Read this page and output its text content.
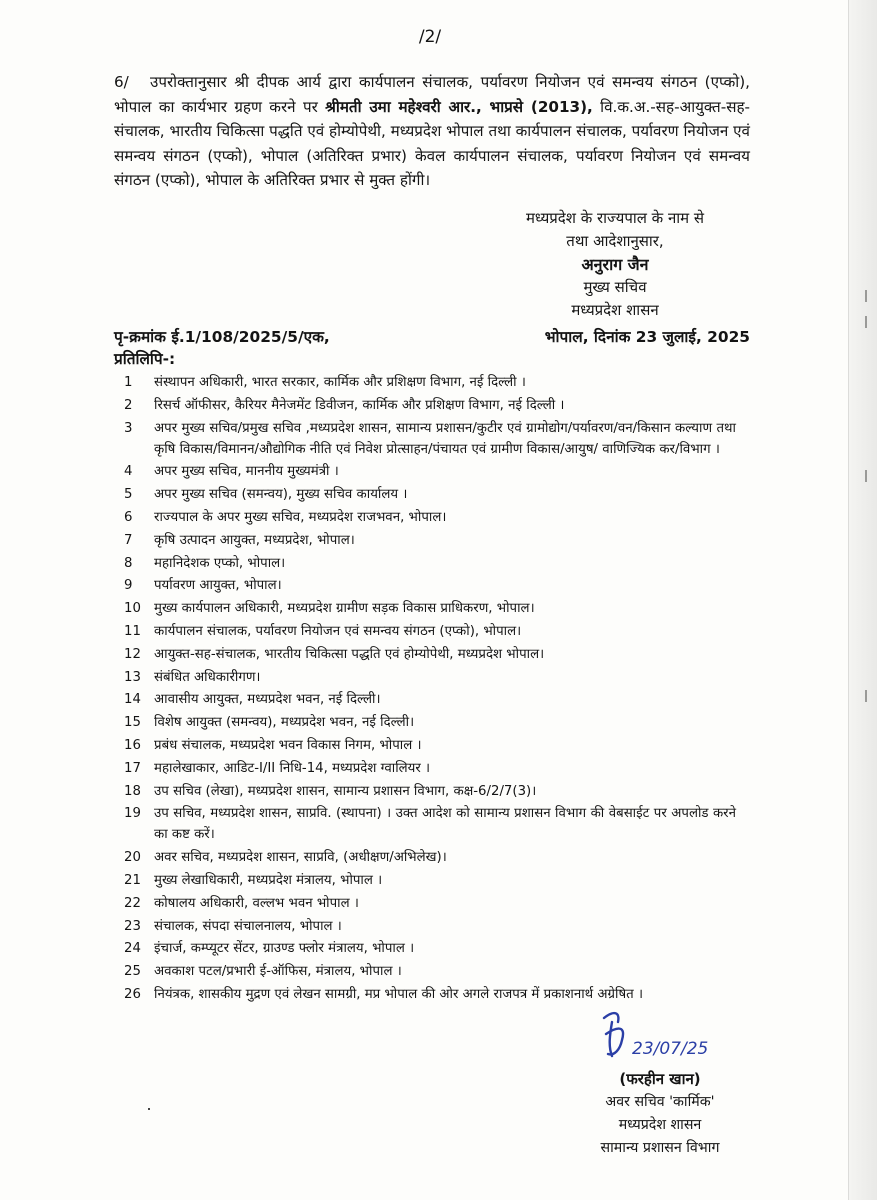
/2/
6/ उपरोक्तानुसार श्री दीपक आर्य द्वारा कार्यपालन संचालक, पर्यावरण नियोजन एवं समन्वय संगठन (एप्को), भोपाल का कार्यभार ग्रहण करने पर श्रीमती उमा महेश्वरी आर., भाप्रसे (2013), वि.क.अ.-सह-आयुक्त-सह-संचालक, भारतीय चिकित्सा पद्धति एवं होम्योपेथी, मध्यप्रदेश भोपाल तथा कार्यपालन संचालक, पर्यावरण नियोजन एवं समन्वय संगठन (एप्को), भोपाल (अतिरिक्त प्रभार) केवल कार्यपालन संचालक, पर्यावरण नियोजन एवं समन्वय संगठन (एप्को), भोपाल के अतिरिक्त प्रभार से मुक्त होंगी।
मध्यप्रदेश के राज्यपाल के नाम से
तथा आदेशानुसार,
अनुराग जैन
मुख्य सचिव
मध्यप्रदेश शासन
पृ-क्रमांक ई.1/108/2025/5/एक,	भोपाल, दिनांक 23 जुलाई, 2025
प्रतिलिपि-:
1 संस्थापन अधिकारी, भारत सरकार, कार्मिक और प्रशिक्षण विभाग, नई दिल्ली ।
2 रिसर्च ऑफीसर, कैरियर मैनेजमेंट डिवीजन, कार्मिक और प्रशिक्षण विभाग, नई दिल्ली ।
3 अपर मुख्य सचिव/प्रमुख सचिव ,मध्यप्रदेश शासन, सामान्य प्रशासन/कुटीर एवं ग्रामोद्योग/पर्यावरण/वन/किसान कल्याण तथा कृषि विकास/विमानन/औद्योगिक नीति एवं निवेश प्रोत्साहन/पंचायत एवं ग्रामीण विकास/आयुष/ वाणिज्यिक कर/विभाग ।
4 अपर मुख्य सचिव, माननीय मुख्यमंत्री ।
5 अपर मुख्य सचिव (समन्वय), मुख्य सचिव कार्यालय ।
6 राज्यपाल के अपर मुख्य सचिव, मध्यप्रदेश राजभवन, भोपाल।
7 कृषि उत्पादन आयुक्त, मध्यप्रदेश, भोपाल।
8 महानिदेशक एप्को, भोपाल।
9 पर्यावरण आयुक्त, भोपाल।
10 मुख्य कार्यपालन अधिकारी, मध्यप्रदेश ग्रामीण सड़क विकास प्राधिकरण, भोपाल।
11 कार्यपालन संचालक, पर्यावरण नियोजन एवं समन्वय संगठन (एप्को), भोपाल।
12 आयुक्त-सह-संचालक, भारतीय चिकित्सा पद्धति एवं होम्योपेथी, मध्यप्रदेश भोपाल।
13 संबंधित अधिकारीगण।
14 आवासीय आयुक्त, मध्यप्रदेश भवन, नई दिल्ली।
15 विशेष आयुक्त (समन्वय), मध्यप्रदेश भवन, नई दिल्ली।
16 प्रबंध संचालक, मध्यप्रदेश भवन विकास निगम, भोपाल ।
17 महालेखाकार, आडिट-I/II निधि-14, मध्यप्रदेश ग्वालियर ।
18 उप सचिव (लेखा), मध्यप्रदेश शासन, सामान्य प्रशासन विभाग, कक्ष-6/2/7(3)।
19 उप सचिव, मध्यप्रदेश शासन, साप्रवि. (स्थापना) । उक्त आदेश को सामान्य प्रशासन विभाग की वेबसाईट पर अपलोड करने का कष्ट करें।
20 अवर सचिव, मध्यप्रदेश शासन, साप्रवि, (अधीक्षण/अभिलेख)।
21 मुख्य लेखाधिकारी, मध्यप्रदेश मंत्रालय, भोपाल ।
22 कोषालय अधिकारी, वल्लभ भवन भोपाल ।
23 संचालक, संपदा संचालनालय, भोपाल ।
24 इंचार्ज, कम्प्यूटर सेंटर, ग्राउण्ड फ्लोर मंत्रालय, भोपाल ।
25 अवकाश पटल/प्रभारी ई-ऑफिस, मंत्रालय, भोपाल ।
26 नियंत्रक, शासकीय मुद्रण एवं लेखन सामग्री, मप्र भोपाल की ओर अगले राजपत्र में प्रकाशनार्थ अग्रेषित ।
23/07/25
(फरहीन खान)
अवर सचिव 'कार्मिक'
मध्यप्रदेश शासन
सामान्य प्रशासन विभाग
